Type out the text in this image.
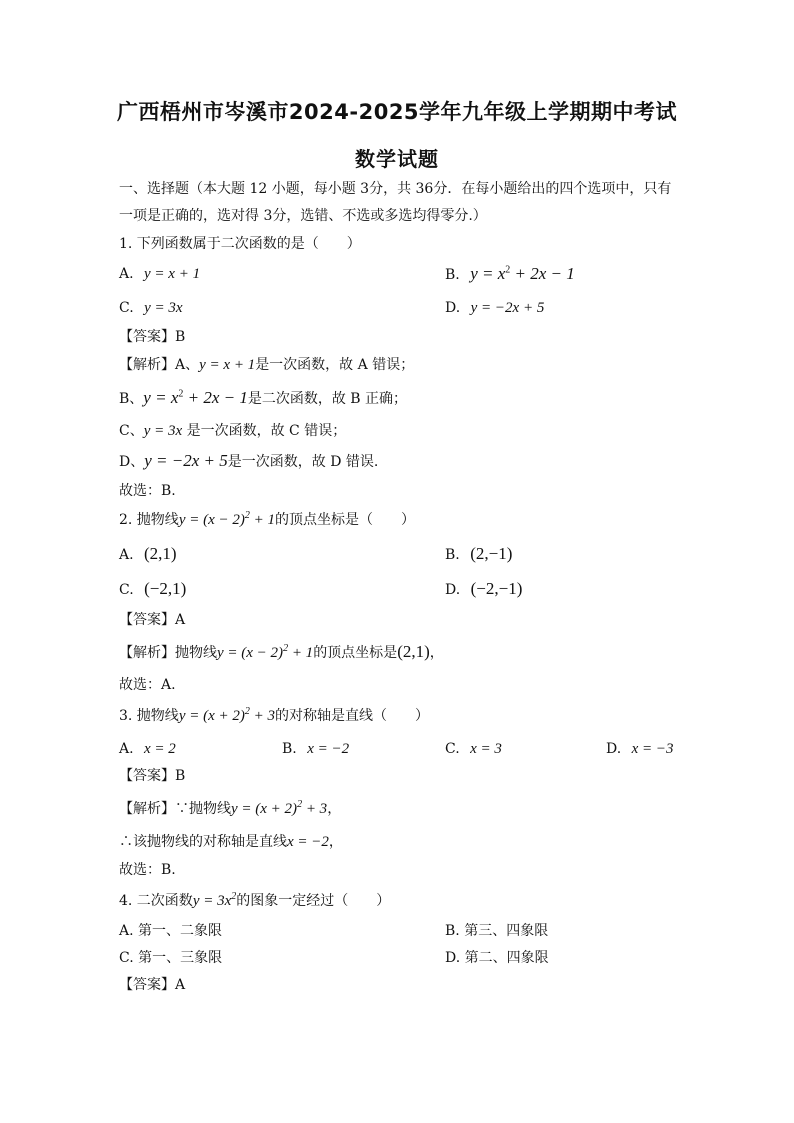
广西梧州市岑溪市2024-2025学年九年级上学期期中考试
数学试题
一、选择题（本大题 12 小题，每小题 3分，共 36分．在每小题给出的四个选项中，只有
一项是正确的，选对得 3分，选错、不选或多选均得零分.）
1. 下列函数属于二次函数的是（　　）
A. y = x + 1	B. $y = x^2 + 2x - 1$
C. y = 3x	D. y = −2x + 5
【答案】B
【解析】A、y = x + 1是一次函数，故 A 错误；
B、$y = x^2 + 2x - 1$是二次函数，故 B 正确；
C、y = 3x 是一次函数，故 C 错误；
D、y = −2x + 5是一次函数，故 D 错误.
故选：B.
2. 抛物线$y = (x - 2)^2 + 1$的顶点坐标是（　　）
A. (2,1)	B. (2,−1)
C. (−2,1)	D. (−2,−1)
【答案】A
【解析】抛物线$y = (x - 2)^2 + 1$的顶点坐标是(2,1)，
故选：A.
3. 抛物线$y = (x + 2)^2 + 3$的对称轴是直线（　　）
A. x = 2	B. x = −2	C. x = 3	D. x = −3
【答案】B
【解析】∵抛物线$y = (x + 2)^2 + 3$，
∴该抛物线的对称轴是直线x = −2，
故选：B.
4. 二次函数$y = 3x^2$的图象一定经过（　　）
A. 第一、二象限	B. 第三、四象限
C. 第一、三象限	D. 第二、四象限
【答案】A
